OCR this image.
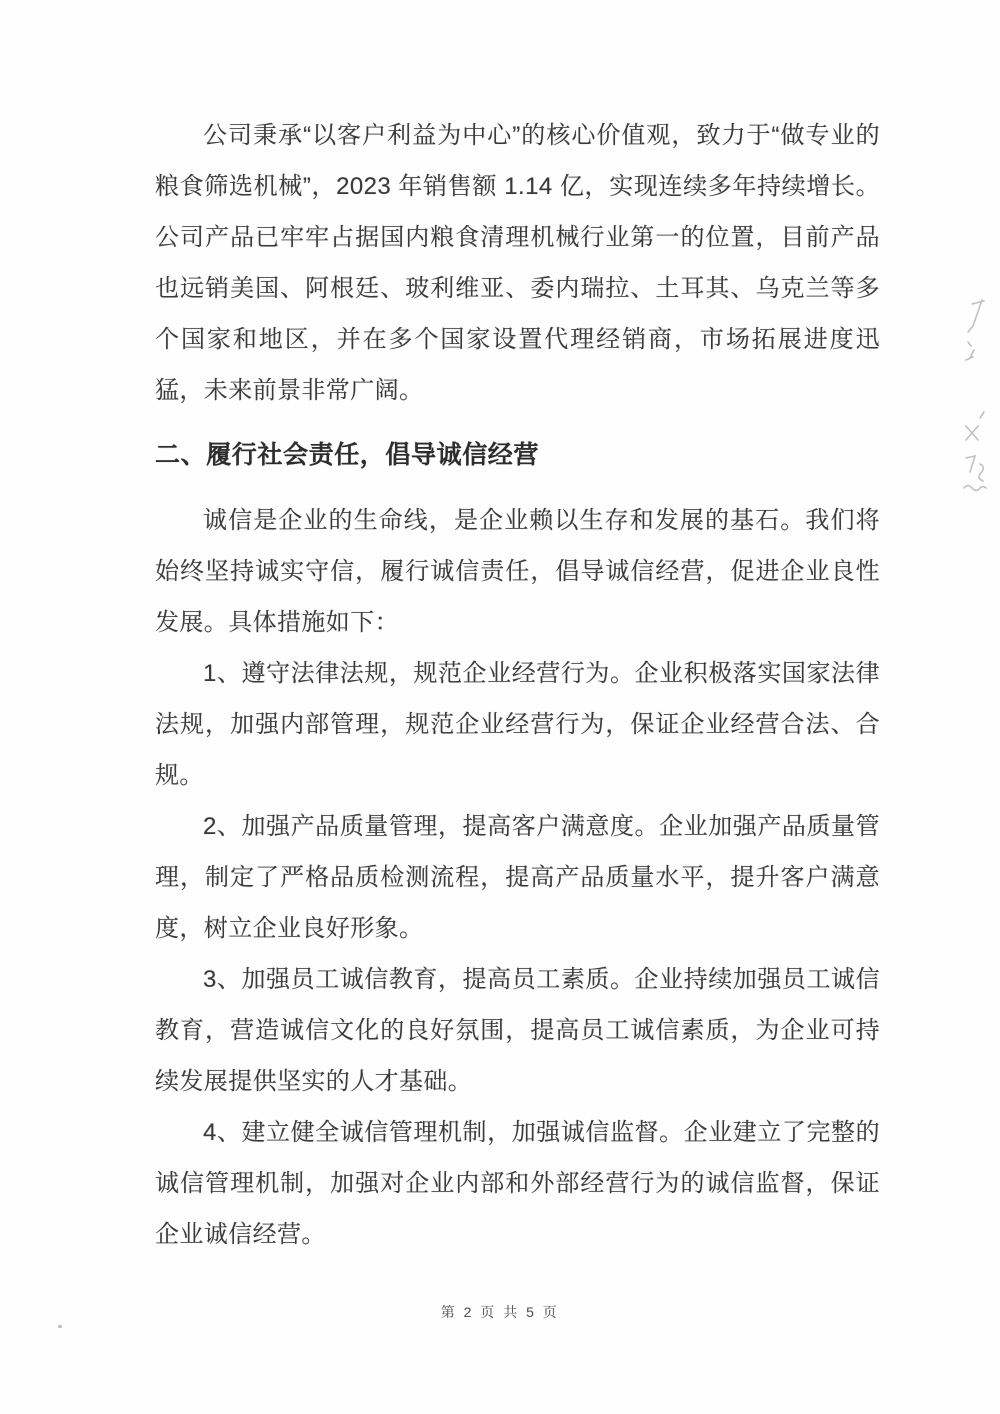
公司秉承“以客户利益为中心”的核心价值观，致力于“做专业的粮食筛选机械”，2023 年销售额 1.14 亿，实现连续多年持续增长。公司产品已牢牢占据国内粮食清理机械行业第一的位置，目前产品也远销美国、阿根廷、玻利维亚、委内瑞拉、土耳其、乌克兰等多个国家和地区，并在多个国家设置代理经销商，市场拓展进度迅猛，未来前景非常广阔。

二、履行社会责任，倡导诚信经营

诚信是企业的生命线，是企业赖以生存和发展的基石。我们将始终坚持诚实守信，履行诚信责任，倡导诚信经营，促进企业良性发展。具体措施如下：

1、遵守法律法规，规范企业经营行为。企业积极落实国家法律法规，加强内部管理，规范企业经营行为，保证企业经营合法、合规。

2、加强产品质量管理，提高客户满意度。企业加强产品质量管理，制定了严格品质检测流程，提高产品质量水平，提升客户满意度，树立企业良好形象。

3、加强员工诚信教育，提高员工素质。企业持续加强员工诚信教育，营造诚信文化的良好氛围，提高员工诚信素质，为企业可持续发展提供坚实的人才基础。

4、建立健全诚信管理机制，加强诚信监督。企业建立了完整的诚信管理机制，加强对企业内部和外部经营行为的诚信监督，保证企业诚信经营。

第 2 页 共 5 页
